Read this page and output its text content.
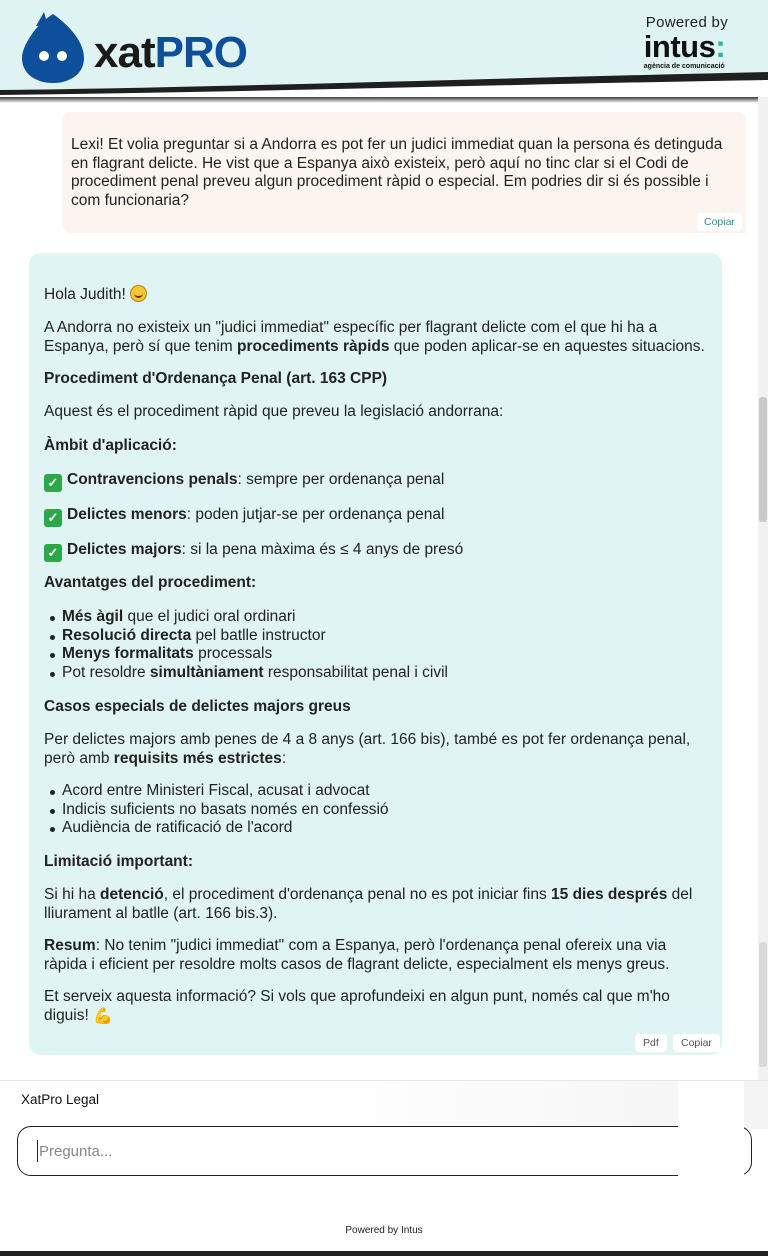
xatPRO
Powered by
intus:
agència de comunicació
Lexi! Et volia preguntar si a Andorra es pot fer un judici immediat quan la persona és detinguda en flagrant delicte. He vist que a Espanya això existeix, però aquí no tinc clar si el Codi de procediment penal preveu algun procediment ràpid o especial. Em podries dir si és possible i com funcionaria?
Copiar

Hola Judith!

A Andorra no existeix un "judici immediat" específic per flagrant delicte com el que hi ha a Espanya, però sí que tenim procediments ràpids que poden aplicar-se en aquestes situacions.

Procediment d'Ordenança Penal (art. 163 CPP)

Aquest és el procediment ràpid que preveu la legislació andorrana:

Àmbit d'aplicació:

✓ Contravencions penals: sempre per ordenança penal

✓ Delictes menors: poden jutjar-se per ordenança penal

✓ Delictes majors: si la pena màxima és ≤ 4 anys de presó

Avantatges del procediment:
Més àgil que el judici oral ordinari
Resolució directa pel batlle instructor
Menys formalitats processals
Pot resoldre simultàniament responsabilitat penal i civil
Casos especials de delictes majors greus

Per delictes majors amb penes de 4 a 8 anys (art. 166 bis), també es pot fer ordenança penal, però amb requisits més estrictes:

Acord entre Ministeri Fiscal, acusat i advocat
Indicis suficients no basats només en confessió
Audiència de ratificació de l'acord
Limitació important:

Si hi ha detenció, el procediment d'ordenança penal no es pot iniciar fins 15 dies després del lliurament al batlle (art. 166 bis.3).

Resum: No tenim "judici immediat" com a Espanya, però l'ordenança penal ofereix una via ràpida i eficient per resoldre molts casos de flagrant delicte, especialment els menys greus.

Et serveix aquesta informació? Si vols que aprofundeixi en algun punt, només cal que m'ho diguis! 💪

Pdf	Copiar
XatPro Legal
Pregunta...
Powered by Intus
